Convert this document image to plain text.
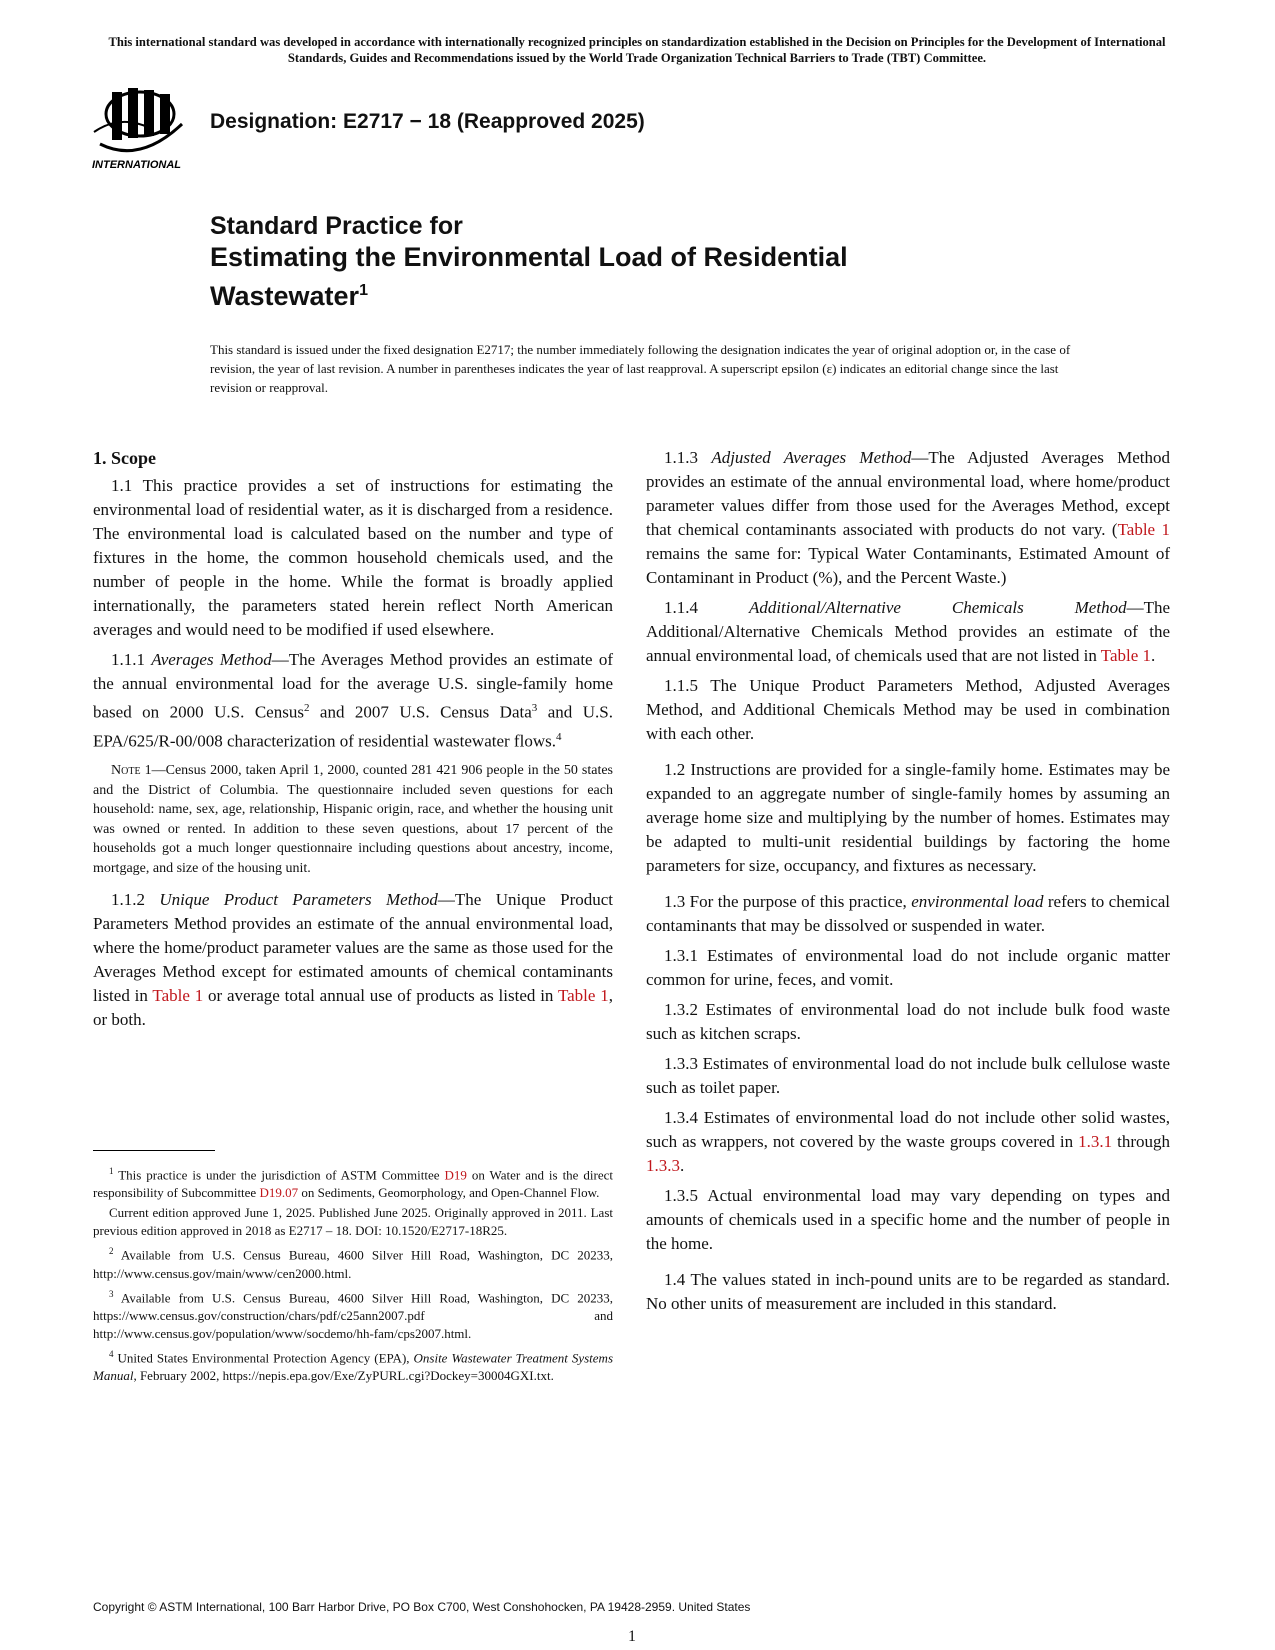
This international standard was developed in accordance with internationally recognized principles on standardization established in the Decision on Principles for the Development of International Standards, Guides and Recommendations issued by the World Trade Organization Technical Barriers to Trade (TBT) Committee.
INTERNATIONAL
Designation: E2717 − 18 (Reapproved 2025)
Standard Practice for
Estimating the Environmental Load of Residential
Wastewater$^1$
This standard is issued under the fixed designation E2717; the number immediately following the designation indicates the year of original adoption or, in the case of revision, the year of last revision. A number in parentheses indicates the year of last reapproval. A superscript epsilon (ε) indicates an editorial change since the last revision or reapproval.
1. Scope

1.1 This practice provides a set of instructions for estimating the environmental load of residential water, as it is discharged from a residence. The environmental load is calculated based on the number and type of fixtures in the home, the common household chemicals used, and the number of people in the home. While the format is broadly applied internationally, the parameters stated herein reflect North American averages and would need to be modified if used elsewhere.

1.1.1 Averages Method—The Averages Method provides an estimate of the annual environmental load for the average U.S. single-family home based on 2000 U.S. Census$^2$ and 2007 U.S. Census Data$^3$ and U.S. EPA/625/R-00/008 characterization of residential wastewater flows.$^4$

Note 1—Census 2000, taken April 1, 2000, counted 281 421 906 people in the 50 states and the District of Columbia. The questionnaire included seven questions for each household: name, sex, age, relationship, Hispanic origin, race, and whether the housing unit was owned or rented. In addition to these seven questions, about 17 percent of the households got a much longer questionnaire including questions about ancestry, income, mortgage, and size of the housing unit.

1.1.2 Unique Product Parameters Method—The Unique Product Parameters Method provides an estimate of the annual environmental load, where the home/product parameter values are the same as those used for the Averages Method except for estimated amounts of chemical contaminants listed in Table 1 or average total annual use of products as listed in Table 1, or both.

$^1$ This practice is under the jurisdiction of ASTM Committee D19 on Water and is the direct responsibility of Subcommittee D19.07 on Sediments, Geomorphology, and Open-Channel Flow.

Current edition approved June 1, 2025. Published June 2025. Originally approved in 2011. Last previous edition approved in 2018 as E2717 – 18. DOI: 10.1520/E2717-18R25.

$^2$ Available from U.S. Census Bureau, 4600 Silver Hill Road, Washington, DC 20233, http://www.census.gov/main/www/cen2000.html.

$^3$ Available from U.S. Census Bureau, 4600 Silver Hill Road, Washington, DC 20233, https://www.census.gov/construction/chars/pdf/c25ann2007.pdf and http://www.census.gov/population/www/socdemo/hh-fam/cps2007.html.

$^4$ United States Environmental Protection Agency (EPA), Onsite Wastewater Treatment Systems Manual, February 2002, https://nepis.epa.gov/Exe/ZyPURL.cgi?Dockey=30004GXI.txt.

1.1.3 Adjusted Averages Method—The Adjusted Averages Method provides an estimate of the annual environmental load, where home/product parameter values differ from those used for the Averages Method, except that chemical contaminants associated with products do not vary. (Table 1 remains the same for: Typical Water Contaminants, Estimated Amount of Contaminant in Product (%), and the Percent Waste.)

1.1.4 Additional/Alternative Chemicals Method—The Additional/Alternative Chemicals Method provides an estimate of the annual environmental load, of chemicals used that are not listed in Table 1.

1.1.5 The Unique Product Parameters Method, Adjusted Averages Method, and Additional Chemicals Method may be used in combination with each other.

1.2 Instructions are provided for a single-family home. Estimates may be expanded to an aggregate number of single-family homes by assuming an average home size and multiplying by the number of homes. Estimates may be adapted to multi-unit residential buildings by factoring the home parameters for size, occupancy, and fixtures as necessary.

1.3 For the purpose of this practice, environmental load refers to chemical contaminants that may be dissolved or suspended in water.

1.3.1 Estimates of environmental load do not include organic matter common for urine, feces, and vomit.

1.3.2 Estimates of environmental load do not include bulk food waste such as kitchen scraps.

1.3.3 Estimates of environmental load do not include bulk cellulose waste such as toilet paper.

1.3.4 Estimates of environmental load do not include other solid wastes, such as wrappers, not covered by the waste groups covered in 1.3.1 through 1.3.3.

1.3.5 Actual environmental load may vary depending on types and amounts of chemicals used in a specific home and the number of people in the home.

1.4 The values stated in inch-pound units are to be regarded as standard. No other units of measurement are included in this standard.

Copyright © ASTM International, 100 Barr Harbor Drive, PO Box C700, West Conshohocken, PA 19428-2959. United States
1
